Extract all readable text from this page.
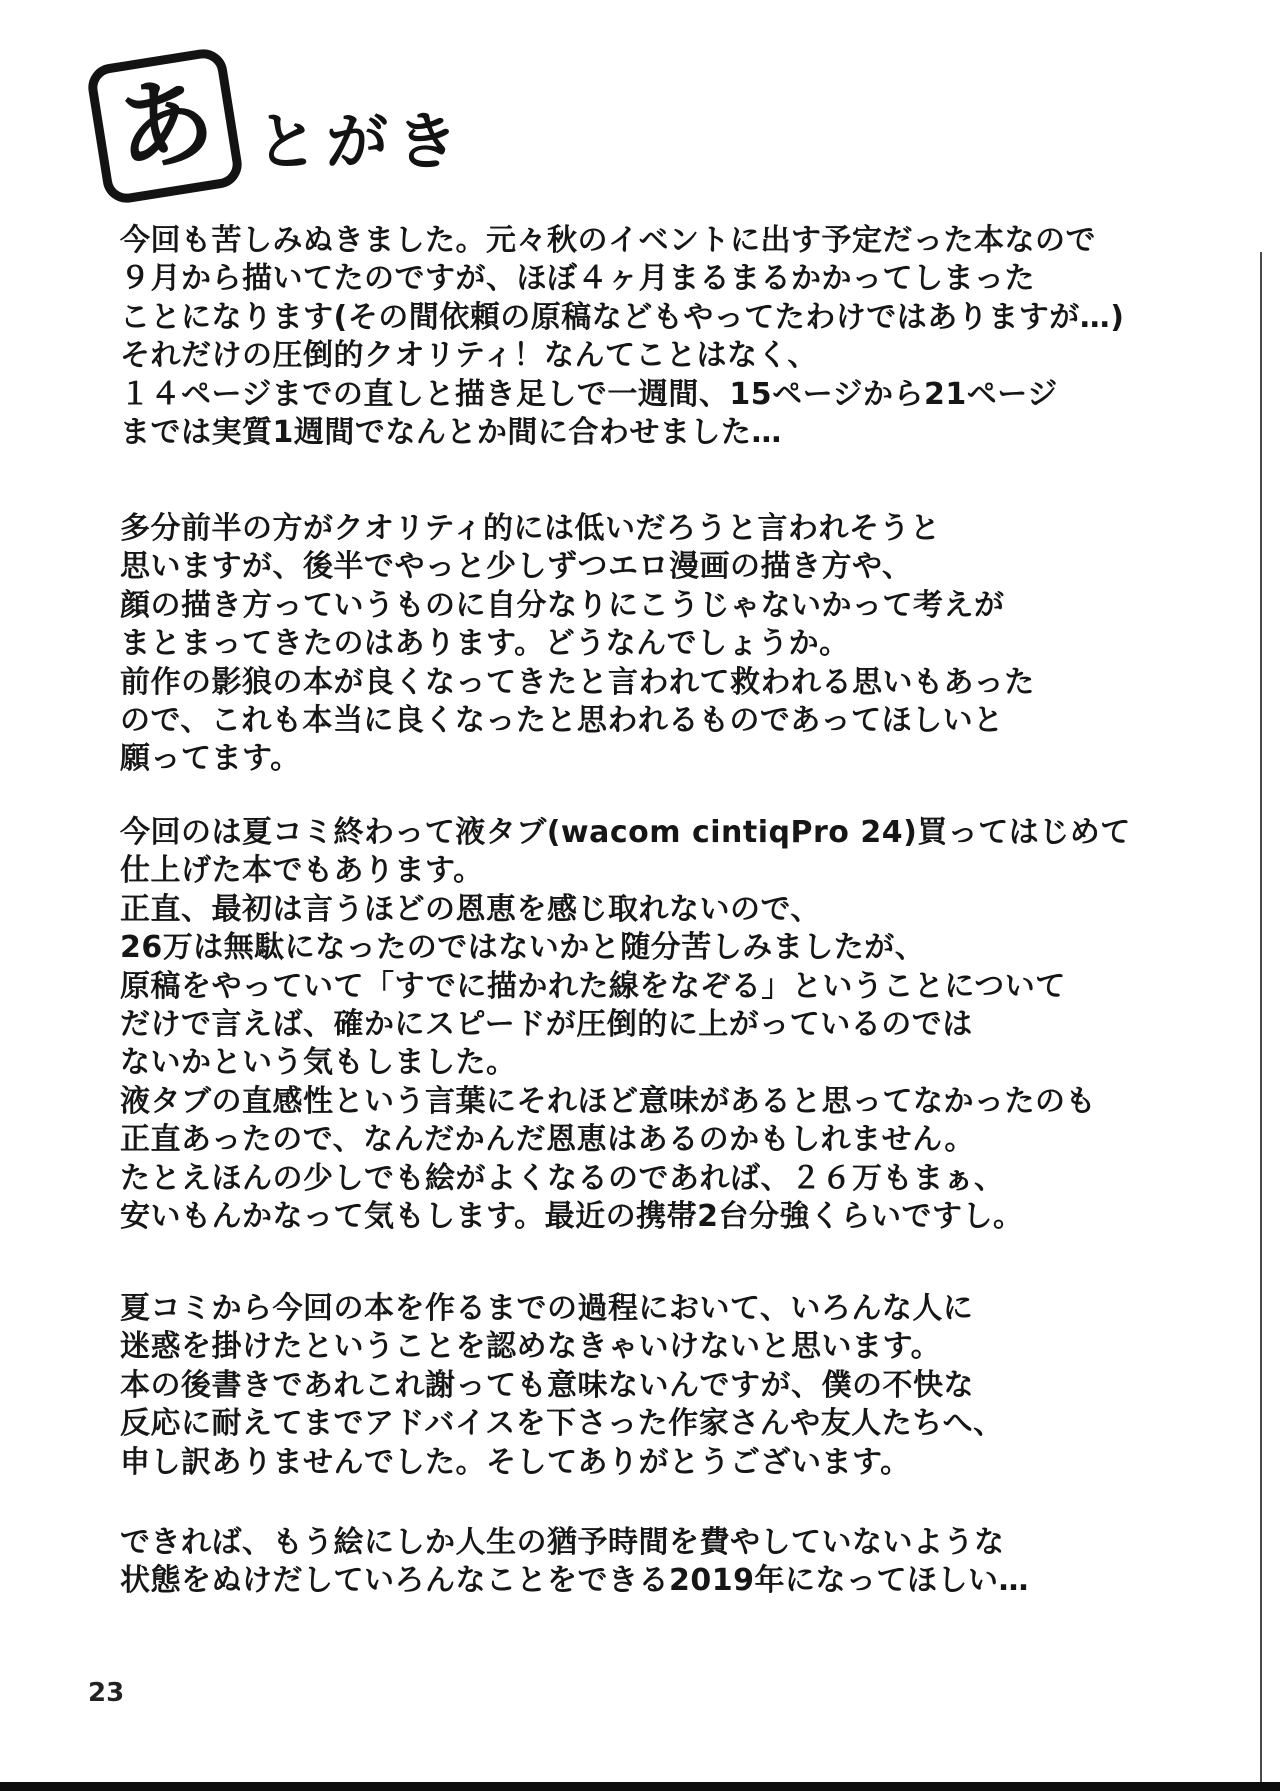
あ とがき
今回も苦しみぬきました。元々秋のイベントに出す予定だった本なので
９月から描いてたのですが、ほぼ４ヶ月まるまるかかってしまった
ことになります(その間依頼の原稿などもやってたわけではありますが…)
それだけの圧倒的クオリティ！なんてことはなく、
１４ページまでの直しと描き足しで一週間、15ページから21ページ
までは実質1週間でなんとか間に合わせました…
多分前半の方がクオリティ的には低いだろうと言われそうと
思いますが、後半でやっと少しずつエロ漫画の描き方や、
顔の描き方っていうものに自分なりにこうじゃないかって考えが
まとまってきたのはあります。どうなんでしょうか。
前作の影狼の本が良くなってきたと言われて救われる思いもあった
ので、これも本当に良くなったと思われるものであってほしいと
願ってます。
今回のは夏コミ終わって液タブ(wacom cintiqPro 24)買ってはじめて
仕上げた本でもあります。
正直、最初は言うほどの恩恵を感じ取れないので、
26万は無駄になったのではないかと随分苦しみましたが、
原稿をやっていて「すでに描かれた線をなぞる」ということについて
だけで言えば、確かにスピードが圧倒的に上がっているのでは
ないかという気もしました。
液タブの直感性という言葉にそれほど意味があると思ってなかったのも
正直あったので、なんだかんだ恩恵はあるのかもしれません。
たとえほんの少しでも絵がよくなるのであれば、２６万もまぁ、
安いもんかなって気もします。最近の携帯2台分強くらいですし。
夏コミから今回の本を作るまでの過程において、いろんな人に
迷惑を掛けたということを認めなきゃいけないと思います。
本の後書きであれこれ謝っても意味ないんですが、僕の不快な
反応に耐えてまでアドバイスを下さった作家さんや友人たちへ、
申し訳ありませんでした。そしてありがとうございます。
できれば、もう絵にしか人生の猶予時間を費やしていないような
状態をぬけだしていろんなことをできる2019年になってほしい…
23
